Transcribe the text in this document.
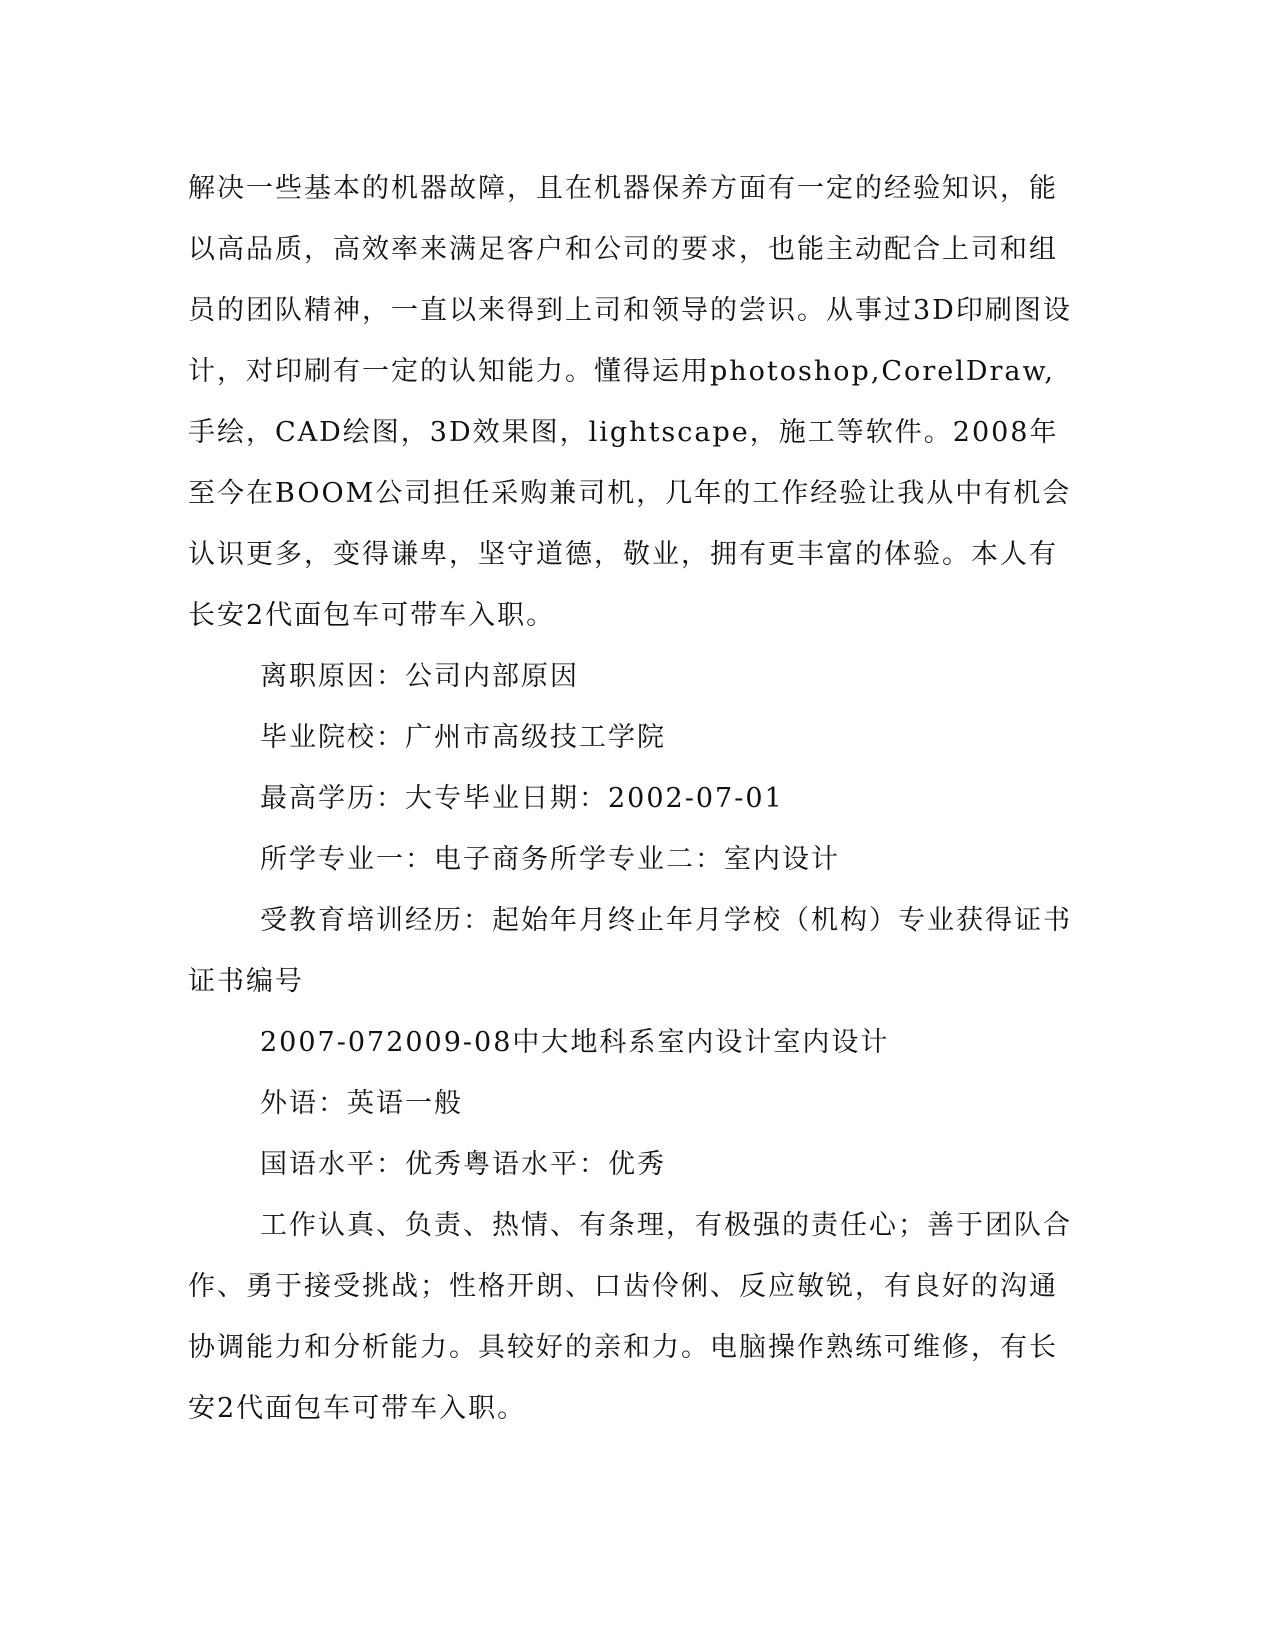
解决一些基本的机器故障，且在机器保养方面有一定的经验知识，能以高品质，高效率来满足客户和公司的要求，也能主动配合上司和组员的团队精神，一直以来得到上司和领导的尝识。从事过3D印刷图设计，对印刷有一定的认知能力。懂得运用photoshop,CorelDraw,手绘，CAD绘图，3D效果图，lightscape，施工等软件。2008年至今在BOOM公司担任采购兼司机，几年的工作经验让我从中有机会认识更多，变得谦卑，坚守道德，敬业，拥有更丰富的体验。本人有长安2代面包车可带车入职。

离职原因：公司内部原因

毕业院校：广州市高级技工学院

最高学历：大专毕业日期：2002-07-01

所学专业一：电子商务所学专业二：室内设计

受教育培训经历：起始年月终止年月学校（机构）专业获得证书证书编号

2007-072009-08中大地科系室内设计室内设计

外语：英语一般

国语水平：优秀粤语水平：优秀

工作认真、负责、热情、有条理，有极强的责任心；善于团队合作、勇于接受挑战；性格开朗、口齿伶俐、反应敏锐，有良好的沟通协调能力和分析能力。具较好的亲和力。电脑操作熟练可维修，有长安2代面包车可带车入职。
